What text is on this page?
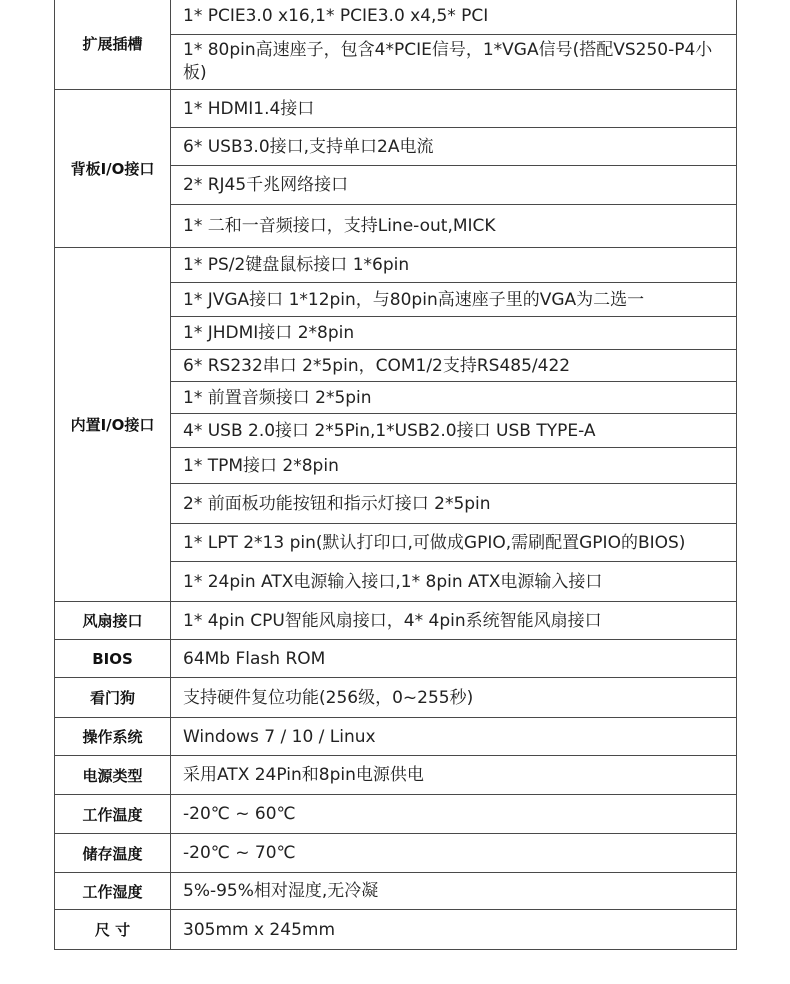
扩展插槽	1* PCIE3.0 x16,1* PCIE3.0 x4,5* PCI
	1* 80pin高速座子，包含4*PCIE信号，1*VGA信号(搭配VS250-P4小板)
背板I/O接口	1* HDMI1.4接口
	6* USB3.0接口,支持单口2A电流
	2* RJ45千兆网络接口
	1* 二和一音频接口，支持Line-out,MICK
内置I/O接口	1* PS/2键盘鼠标接口 1*6pin
	1* JVGA接口 1*12pin，与80pin高速座子里的VGA为二选一
	1* JHDMI接口 2*8pin
	6* RS232串口 2*5pin，COM1/2支持RS485/422
	1* 前置音频接口 2*5pin
	4* USB 2.0接口 2*5Pin,1*USB2.0接口 USB TYPE-A
	1* TPM接口 2*8pin
	2* 前面板功能按钮和指示灯接口 2*5pin
	1* LPT 2*13 pin(默认打印口,可做成GPIO,需刷配置GPIO的BIOS)
	1* 24pin ATX电源输入接口,1* 8pin ATX电源输入接口
风扇接口	1* 4pin CPU智能风扇接口，4* 4pin系统智能风扇接口
BIOS	64Mb Flash ROM
看门狗	支持硬件复位功能(256级，0~255秒)
操作系统	Windows 7 / 10 / Linux
电源类型	采用ATX 24Pin和8pin电源供电
工作温度	-20℃ ~ 60℃
储存温度	-20℃ ~ 70℃
工作湿度	5%-95%相对湿度,无冷凝
尺 寸	305mm x 245mm
